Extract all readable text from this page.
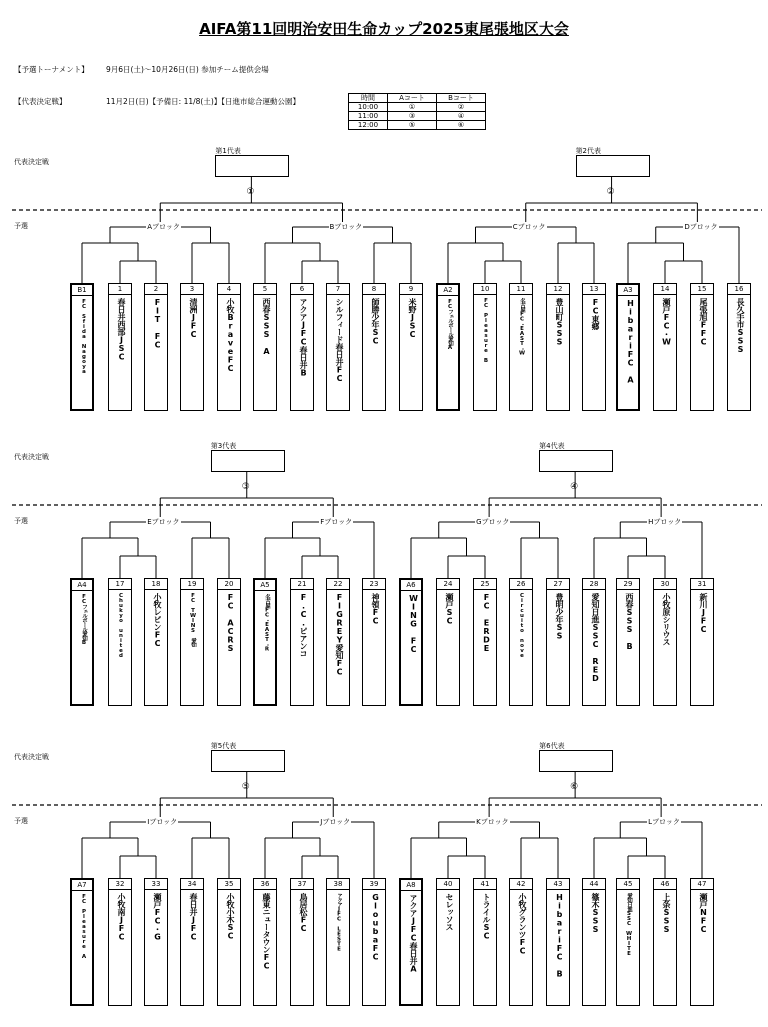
AIFA第11回明治安田生命カップ2025東尾張地区大会
【予選トーナメント】 9月6日(土)～10月26日(日) 参加チーム提供会場
【代表決定戦】	11月2日(日)【予備日: 11/8(土)】【日進市総合運動公園】	時間	Aコート	Bコート
10:00	①	②
11:00	③	④
12:00	⑤	⑥
代表決定戦
予選	Aブロック	Bブロック	Cブロック	Dブロック
①
第1代表
②
第2代表
B1
FC Sfida Nagoya
1
春日井西部JSC
2
FIT FC
3
清洲JFC
4
小牧BraveFC
5
西春SSS A
6
アクアJFC春日井B
7
シルフィード春日井FC
8
師勝少年SC
9
米野JSC
A2
FCフェルボール愛知A
10
FC Pleasure B
11
名古屋FC・EAST・W
12
豊山町SSS
13
FC東郷
A3
HibariFC A
14
瀬戸FC・W
15
尾張旭FFC
16
長久手市SSS
代表決定戦
予選	Eブロック	Fブロック	Gブロック	Hブロック
③
第3代表
④
第4代表
A4
FCフェルボール愛知B
17
Chukyo united
18
小牧レビンFC
19
FC TWINS 愛知
20
FC ACRS
A5
名古屋FC・EAST・R
21
F.C.ピアンコ
22
FIGREY愛知FC
23
神領FC
A6
WING FC
24
瀬戸SC
25
FC ERDE
26
Circuito nove
27
豊明少年SS
28
愛知日進SSC RED
29
西春SSS B
30
小牧原シリウス
31
新川JFC
代表決定戦
予選	Iブロック	Jブロック	Kブロック	Lブロック
⑤
第5代表
⑥
第6代表
A7
FC Pleasure A
32
小牧南JFC
33
瀬戸FC・G
34
春日井JFC
35
小牧小木SC
36
藤東ニュータウンFC
37
鳥居松FC
38
アクアJFC LESTE
39
GloubaFC
A8
アクアJFC春日井A
40
セレッソス
41
トライルSC
42
小牧グランツFC
43
HibariFC B
44
篠木SSS
45
愛知日進SSC WHITE
46
上条SSS
47
瀬戸NFC
